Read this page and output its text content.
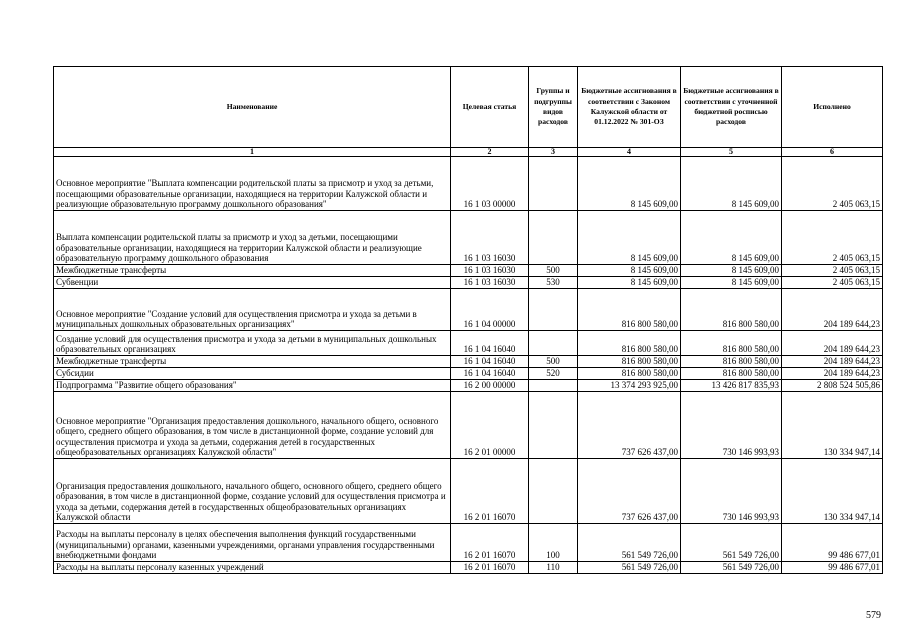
Наименование	Целевая статья	Группы и подгруппы видов расходов	Бюджетные ассигнования в соответствии с Законом Калужской области от 01.12.2022 № 301-ОЗ	Бюджетные ассигнования в соответствии с уточненной бюджетной росписью расходов	Исполнено
1	2	3	4	5	6
Основное мероприятие "Выплата компенсации родительской платы за присмотр и уход за детьми, посещающими образовательные организации, находящиеся на территории Калужской области и реализующие образовательную программу дошкольного образования"	16 1 03 00000		8 145 609,00	8 145 609,00	2 405 063,15
Выплата компенсации родительской платы за присмотр и уход за детьми, посещающими образовательные организации, находящиеся на территории Калужской области и реализующие образовательную программу дошкольного образования	16 1 03 16030		8 145 609,00	8 145 609,00	2 405 063,15
Межбюджетные трансферты	16 1 03 16030	500	8 145 609,00	8 145 609,00	2 405 063,15
Субвенции	16 1 03 16030	530	8 145 609,00	8 145 609,00	2 405 063,15
Основное мероприятие "Создание условий для осуществления присмотра и ухода за детьми в муниципальных дошкольных образовательных организациях"	16 1 04 00000		816 800 580,00	816 800 580,00	204 189 644,23
Создание условий для осуществления присмотра и ухода за детьми в муниципальных дошкольных образовательных организациях	16 1 04 16040		816 800 580,00	816 800 580,00	204 189 644,23
Межбюджетные трансферты	16 1 04 16040	500	816 800 580,00	816 800 580,00	204 189 644,23
Субсидии	16 1 04 16040	520	816 800 580,00	816 800 580,00	204 189 644,23
Подпрограмма "Развитие общего образования"	16 2 00 00000		13 374 293 925,00	13 426 817 835,93	2 808 524 505,86
Основное мероприятие "Организация предоставления дошкольного, начального общего, основного общего, среднего общего образования, в том числе в дистанционной форме, создание условий для осуществления присмотра и ухода за детьми, содержания детей в государственных общеобразовательных организациях Калужской области"	16 2 01 00000		737 626 437,00	730 146 993,93	130 334 947,14
Организация предоставления дошкольного, начального общего, основного общего, среднего общего образования, в том числе в дистанционной форме, создание условий для осуществления присмотра и ухода за детьми, содержания детей в государственных общеобразовательных организациях Калужской области	16 2 01 16070		737 626 437,00	730 146 993,93	130 334 947,14
Расходы на выплаты персоналу в целях обеспечения выполнения функций государственными (муниципальными) органами, казенными учреждениями, органами управления государственными внебюджетными фондами	16 2 01 16070	100	561 549 726,00	561 549 726,00	99 486 677,01
Расходы на выплаты персоналу казенных учреждений	16 2 01 16070	110	561 549 726,00	561 549 726,00	99 486 677,01
579
